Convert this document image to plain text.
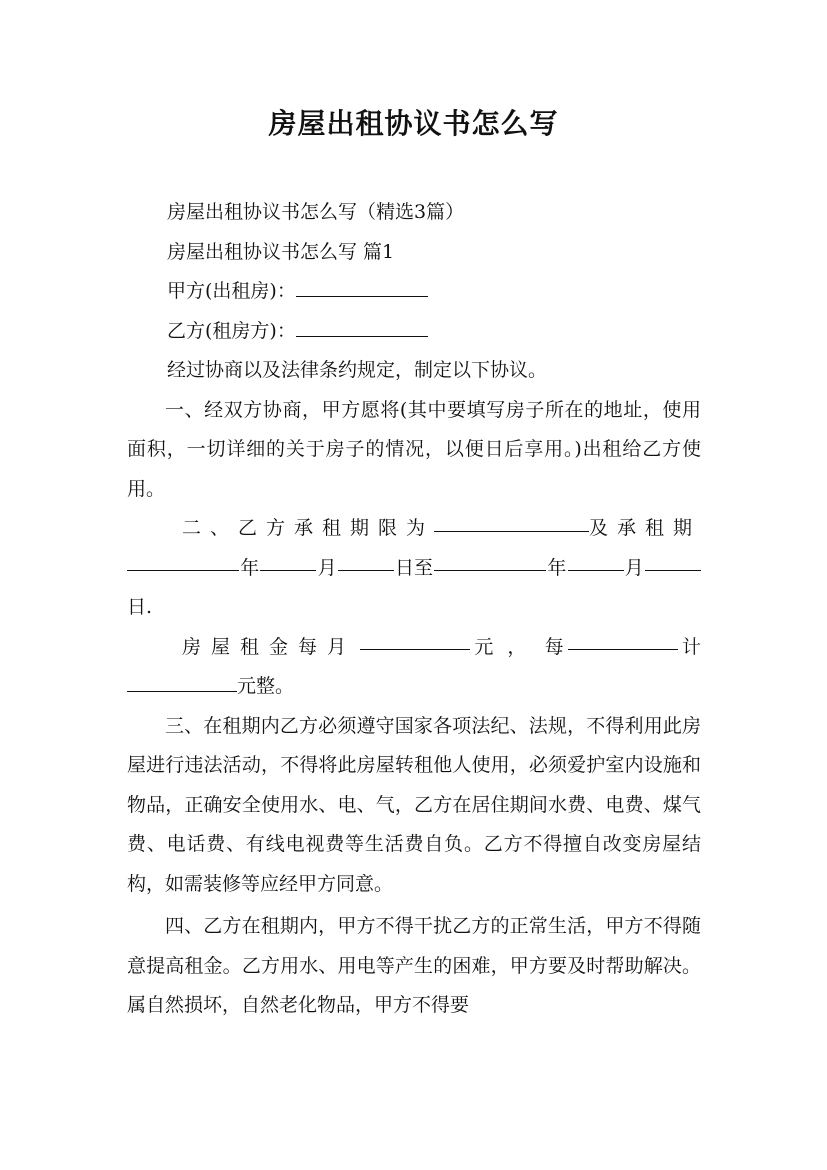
房屋出租协议书怎么写
房屋出租协议书怎么写（精选3篇）
房屋出租协议书怎么写 篇1
甲方(出租房)：
乙方(租房方)：
经过协商以及法律条约规定，制定以下协议。
一、经双方协商，甲方愿将(其中要填写房子所在的地址，使用面积，一切详细的关于房子的情况，以便日后享用。)出租给乙方使用。
二、乙方承租期限为	及承租期
年	月	日至	年	月
日.
房屋租金每月	元， 每	计
元整。
三、在租期内乙方必须遵守国家各项法纪、法规，不得利用此房屋进行违法活动，不得将此房屋转租他人使用，必须爱护室内设施和物品，正确安全使用水、电、气，乙方在居住期间水费、电费、煤气费、电话费、有线电视费等生活费自负。乙方不得擅自改变房屋结构，如需装修等应经甲方同意。
四、乙方在租期内，甲方不得干扰乙方的正常生活，甲方不得随意提高租金。乙方用水、用电等产生的困难，甲方要及时帮助解决。属自然损坏，自然老化物品，甲方不得要
